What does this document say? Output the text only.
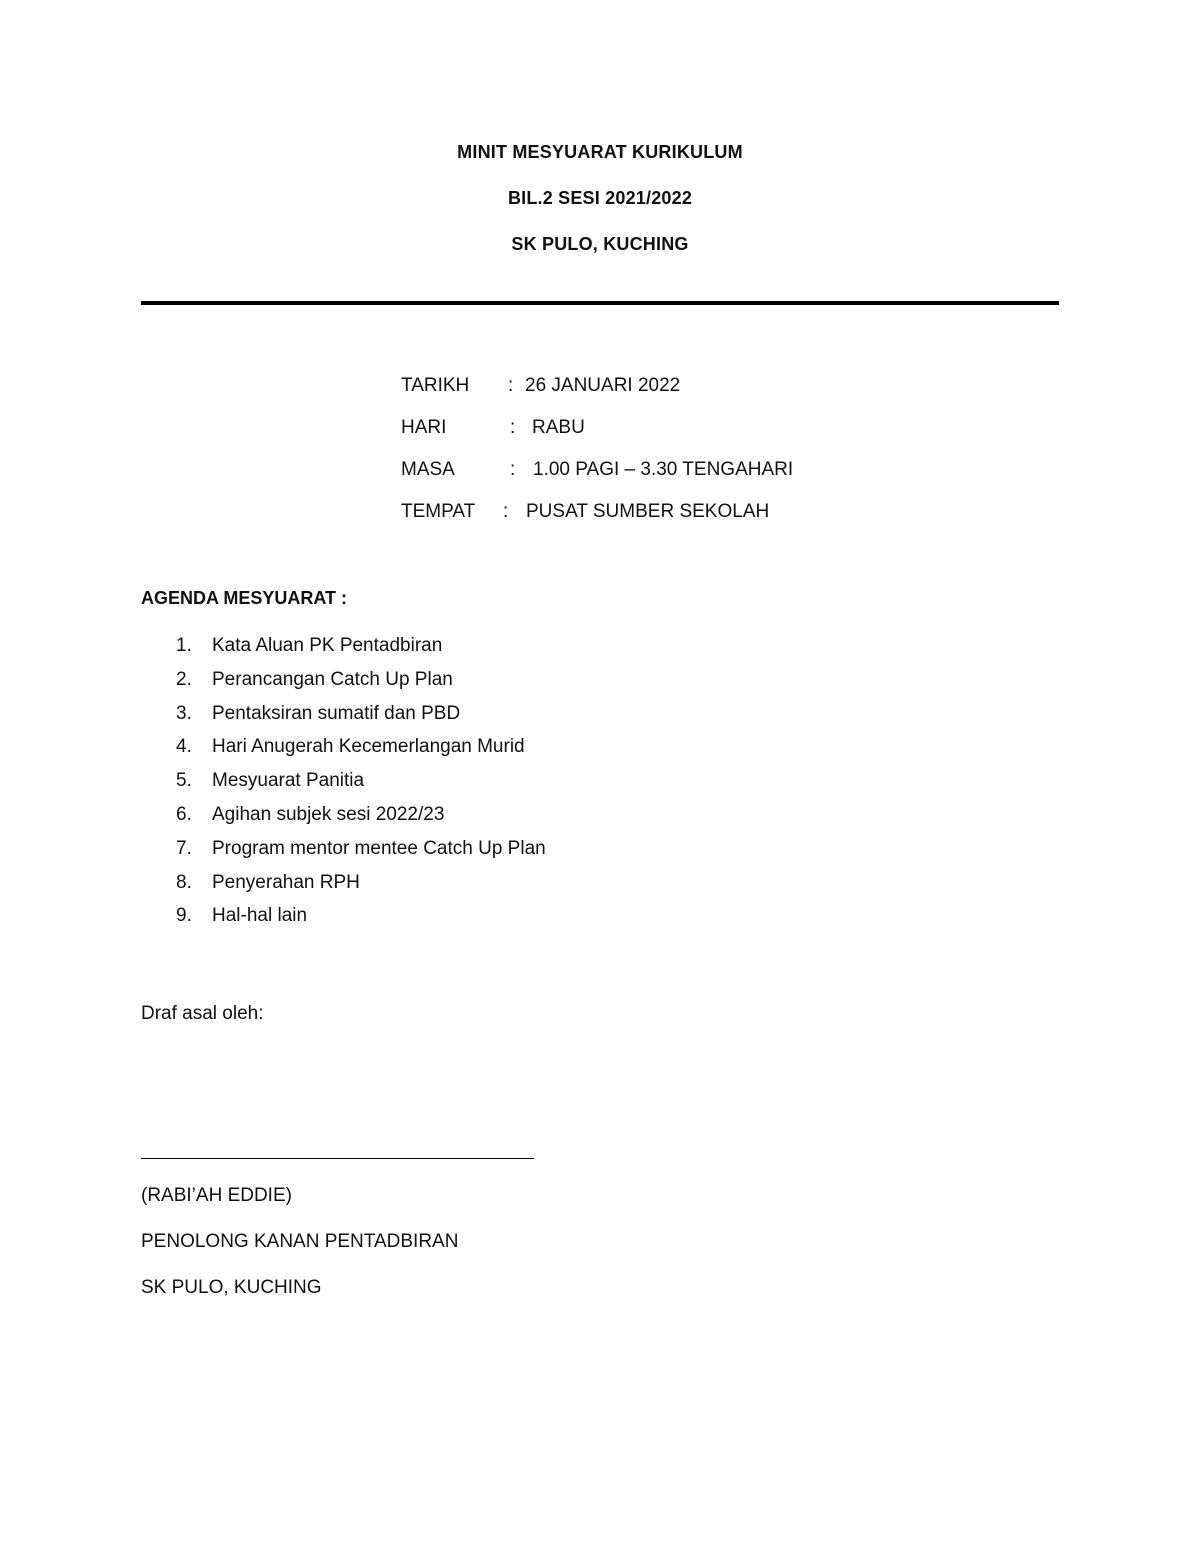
MINIT MESYUARAT KURIKULUM
BIL.2 SESI 2021/2022
SK PULO, KUCHING
TARIKH : 26 JANUARI 2022
HARI	: RABU
MASA	: 1.00 PAGI – 3.30 TENGAHARI
TEMPAT : PUSAT SUMBER SEKOLAH
AGENDA MESYUARAT :
1. Kata Aluan PK Pentadbiran
2. Perancangan Catch Up Plan
3. Pentaksiran sumatif dan PBD
4. Hari Anugerah Kecemerlangan Murid
5. Mesyuarat Panitia
6. Agihan subjek sesi 2022/23
7. Program mentor mentee Catch Up Plan
8. Penyerahan RPH
9. Hal-hal lain
Draf asal oleh:
(RABI’AH EDDIE)
PENOLONG KANAN PENTADBIRAN
SK PULO, KUCHING
